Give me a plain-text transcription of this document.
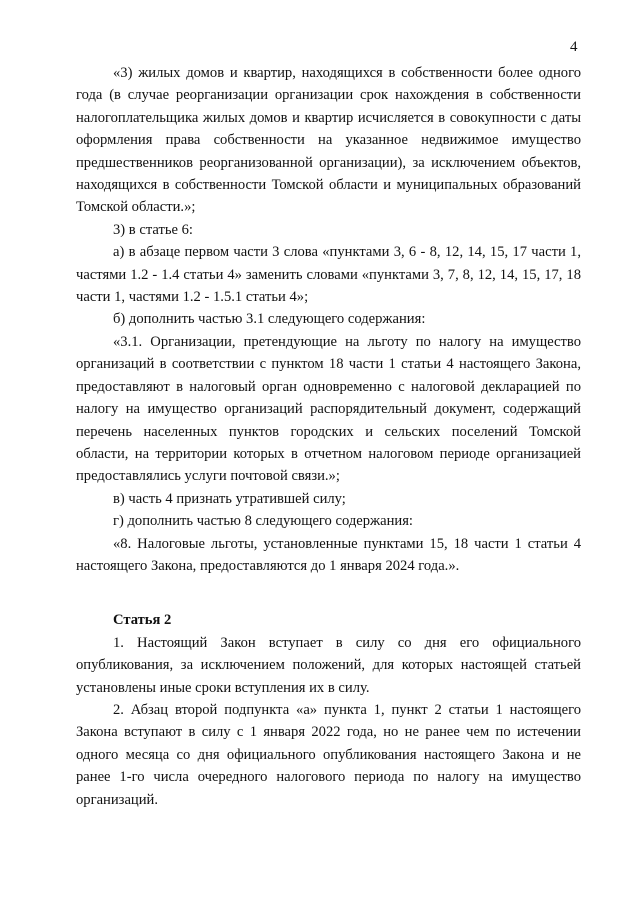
4

«3) жилых домов и квартир, находящихся в собственности более одного года (в случае реорганизации организации срок нахождения в собственности налогоплательщика жилых домов и квартир исчисляется в совокупности с даты оформления права собственности на указанное недвижимое имущество предшественников реорганизованной организации), за исключением объектов, находящихся в собственности Томской области и муниципальных образований Томской области.»;

3) в статье 6:

а) в абзаце первом части 3 слова «пунктами 3, 6 - 8, 12, 14, 15, 17 части 1, частями 1.2 - 1.4 статьи 4» заменить словами «пунктами 3, 7, 8, 12, 14, 15, 17, 18 части 1, частями 1.2 - 1.5.1 статьи 4»;

б) дополнить частью 3.1 следующего содержания:

«3.1. Организации, претендующие на льготу по налогу на имущество организаций в соответствии с пунктом 18 части 1 статьи 4 настоящего Закона, предоставляют в налоговый орган одновременно с налоговой декларацией по налогу на имущество организаций распорядительный документ, содержащий перечень населенных пунктов городских и сельских поселений Томской области, на территории которых в отчетном налоговом периоде организацией предоставлялись услуги почтовой связи.»;

в) часть 4 признать утратившей силу;

г) дополнить частью 8 следующего содержания:

«8. Налоговые льготы, установленные пунктами 15, 18 части 1 статьи 4 настоящего Закона, предоставляются до 1 января 2024 года.».

Статья 2

1. Настоящий Закон вступает в силу со дня его официального опубликования, за исключением положений, для которых настоящей статьей установлены иные сроки вступления их в силу.

2. Абзац второй подпункта «а» пункта 1, пункт 2 статьи 1 настоящего Закона вступают в силу с 1 января 2022 года, но не ранее чем по истечении одного месяца со дня официального опубликования настоящего Закона и не ранее 1-го числа очередного налогового периода по налогу на имущество организаций.
